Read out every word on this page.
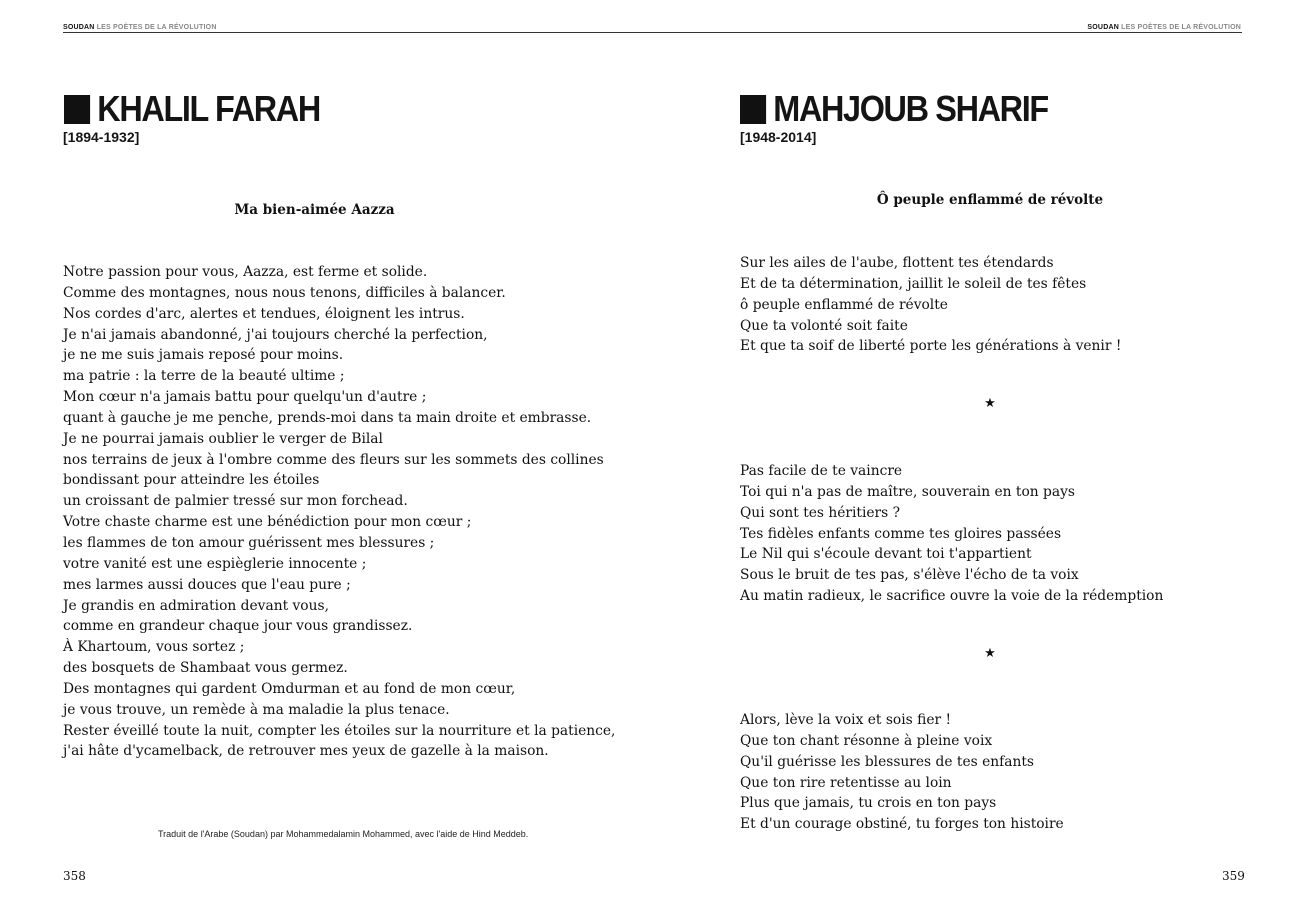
SOUDAN LES POÈTES DE LA RÉVOLUTION
KHALIL FARAH
[1894-1932]
Ma bien-aimée Aazza
Notre passion pour vous, Aazza, est ferme et solide.
Comme des montagnes, nous nous tenons, difficiles à balancer.
Nos cordes d'arc, alertes et tendues, éloignent les intrus.
Je n'ai jamais abandonné, j'ai toujours cherché la perfection,
je ne me suis jamais reposé pour moins.
ma patrie : la terre de la beauté ultime ;
Mon cœur n'a jamais battu pour quelqu'un d'autre ;
quant à gauche je me penche, prends-moi dans ta main droite et embrasse.
Je ne pourrai jamais oublier le verger de Bilal
nos terrains de jeux à l'ombre comme des fleurs sur les sommets des collines
bondissant pour atteindre les étoiles
un croissant de palmier tressé sur mon forchead.
Votre chaste charme est une bénédiction pour mon cœur ;
les flammes de ton amour guérissent mes blessures ;
votre vanité est une espièglerie innocente ;
mes larmes aussi douces que l'eau pure ;
Je grandis en admiration devant vous,
comme en grandeur chaque jour vous grandissez.
À Khartoum, vous sortez ;
des bosquets de Shambaat vous germez.
Des montagnes qui gardent Omdurman et au fond de mon cœur,
je vous trouve, un remède à ma maladie la plus tenace.
Rester éveillé toute la nuit, compter les étoiles sur la nourriture et la patience,
j'ai hâte d'ycamelback, de retrouver mes yeux de gazelle à la maison.
Traduit de l'Arabe (Soudan) par Mohammedalamin Mohammed, avec l'aide de Hind Meddeb.
358
SOUDAN LES POÈTES DE LA RÉVOLUTION
MAHJOUB SHARIF
[1948-2014]
Ô peuple enflammé de révolte
Sur les ailes de l'aube, flottent tes étendards
Et de ta détermination, jaillit le soleil de tes fêtes
ô peuple enflammé de révolte
Que ta volonté soit faite
Et que ta soif de liberté porte les générations à venir !
★
Pas facile de te vaincre
Toi qui n'a pas de maître, souverain en ton pays
Qui sont tes héritiers ?
Tes fidèles enfants comme tes gloires passées
Le Nil qui s'écoule devant toi t'appartient
Sous le bruit de tes pas, s'élève l'écho de ta voix
Au matin radieux, le sacrifice ouvre la voie de la rédemption
★
Alors, lève la voix et sois fier !
Que ton chant résonne à pleine voix
Qu'il guérisse les blessures de tes enfants
Que ton rire retentisse au loin
Plus que jamais, tu crois en ton pays
Et d'un courage obstiné, tu forges ton histoire
359
